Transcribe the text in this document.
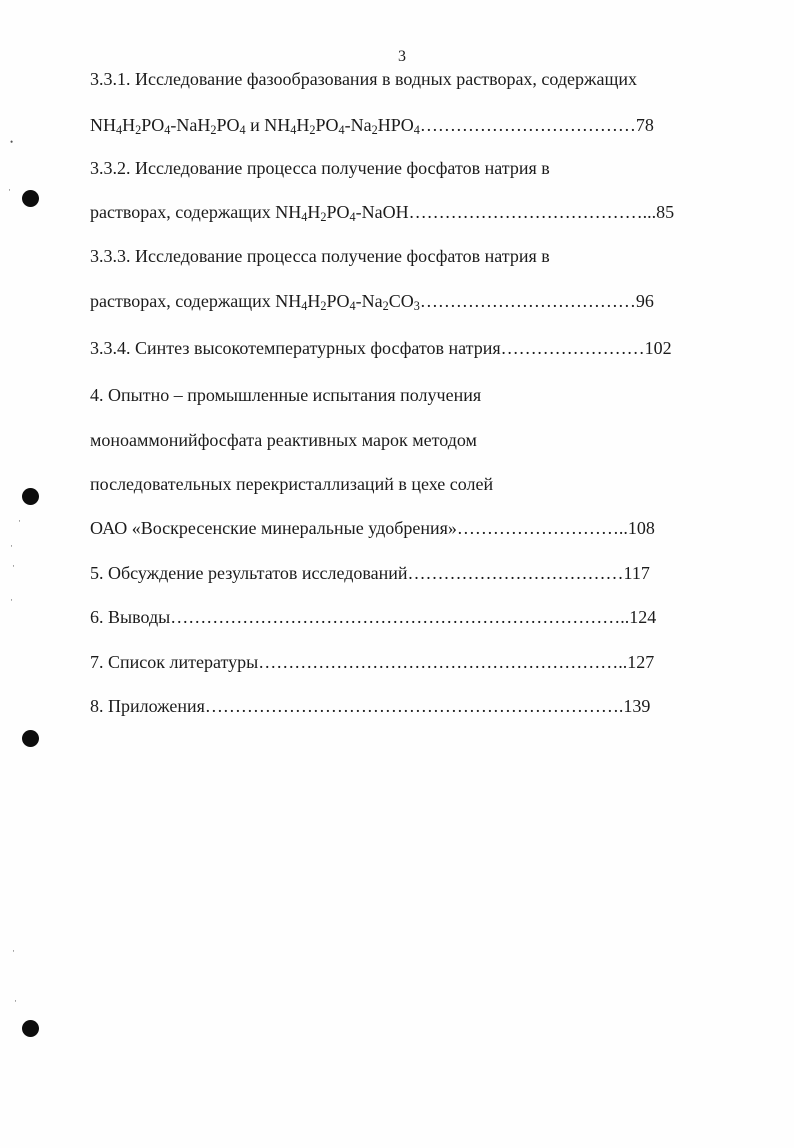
3
3.3.1. Исследование фазообразования в водных растворах, содержащих
$NH_4H_2PO_4-NaH_2PO_4$ и $NH_4H_2PO_4-Na_2HPO_4\dots\dots\dots\dots\dots\dots\dots\dots\dots\dots\dots\dots 78$
3.3.2. Исследование процесса получение фосфатов натрия в
растворах, содержащих $NH_4H_2PO_4-NaOH\dots\dots\dots\dots\dots\dots\dots\dots\dots\dots\dots\dots\dots...85$
3.3.3. Исследование процесса получение фосфатов натрия в
растворах, содержащих $NH_4H_2PO_4-Na_2CO_3\dots\dots\dots\dots\dots\dots\dots\dots\dots\dots\dots\dots 96$
3.3.4. Синтез высокотемпературных фосфатов натрия……………………102
4. Опытно – промышленные испытания получения
моноаммонийфосфата реактивных марок методом
последовательных перекристаллизаций в цехе солей
ОАО «Воскресенские минеральные удобрения»………………………..108
5. Обсуждение результатов исследований………………………………117
6. Выводы…………………………………………………………………..124
7. Список литературы……………………………………………………..127
8. Приложения…………………………………………………………….139
•
·
·
·
·
·
·
·
